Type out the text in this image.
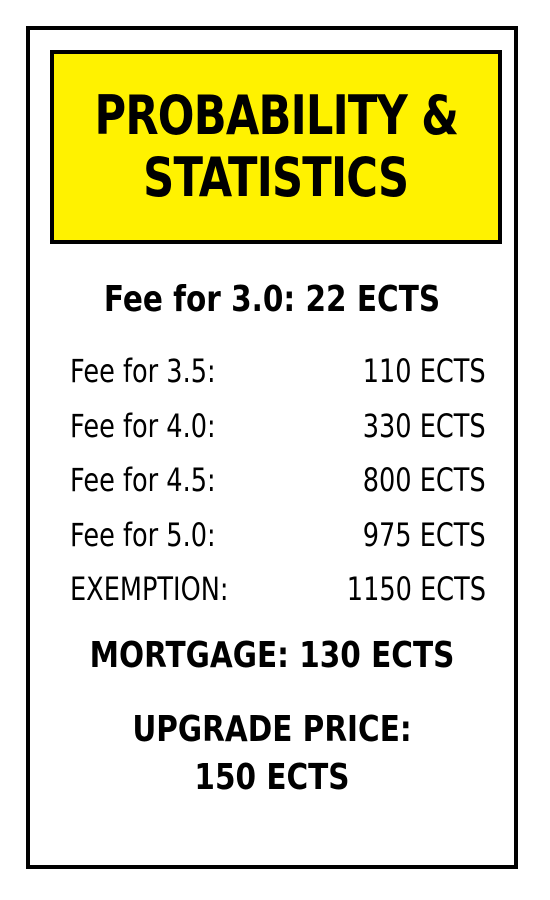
PROBABILITY &
STATISTICS
Fee for 3.0: 22 ECTS
Fee for 3.5:	110 ECTS
Fee for 4.0:	330 ECTS
Fee for 4.5:	800 ECTS
Fee for 5.0:	975 ECTS
EXEMPTION:	1150 ECTS
MORTGAGE: 130 ECTS
UPGRADE PRICE:
150 ECTS
